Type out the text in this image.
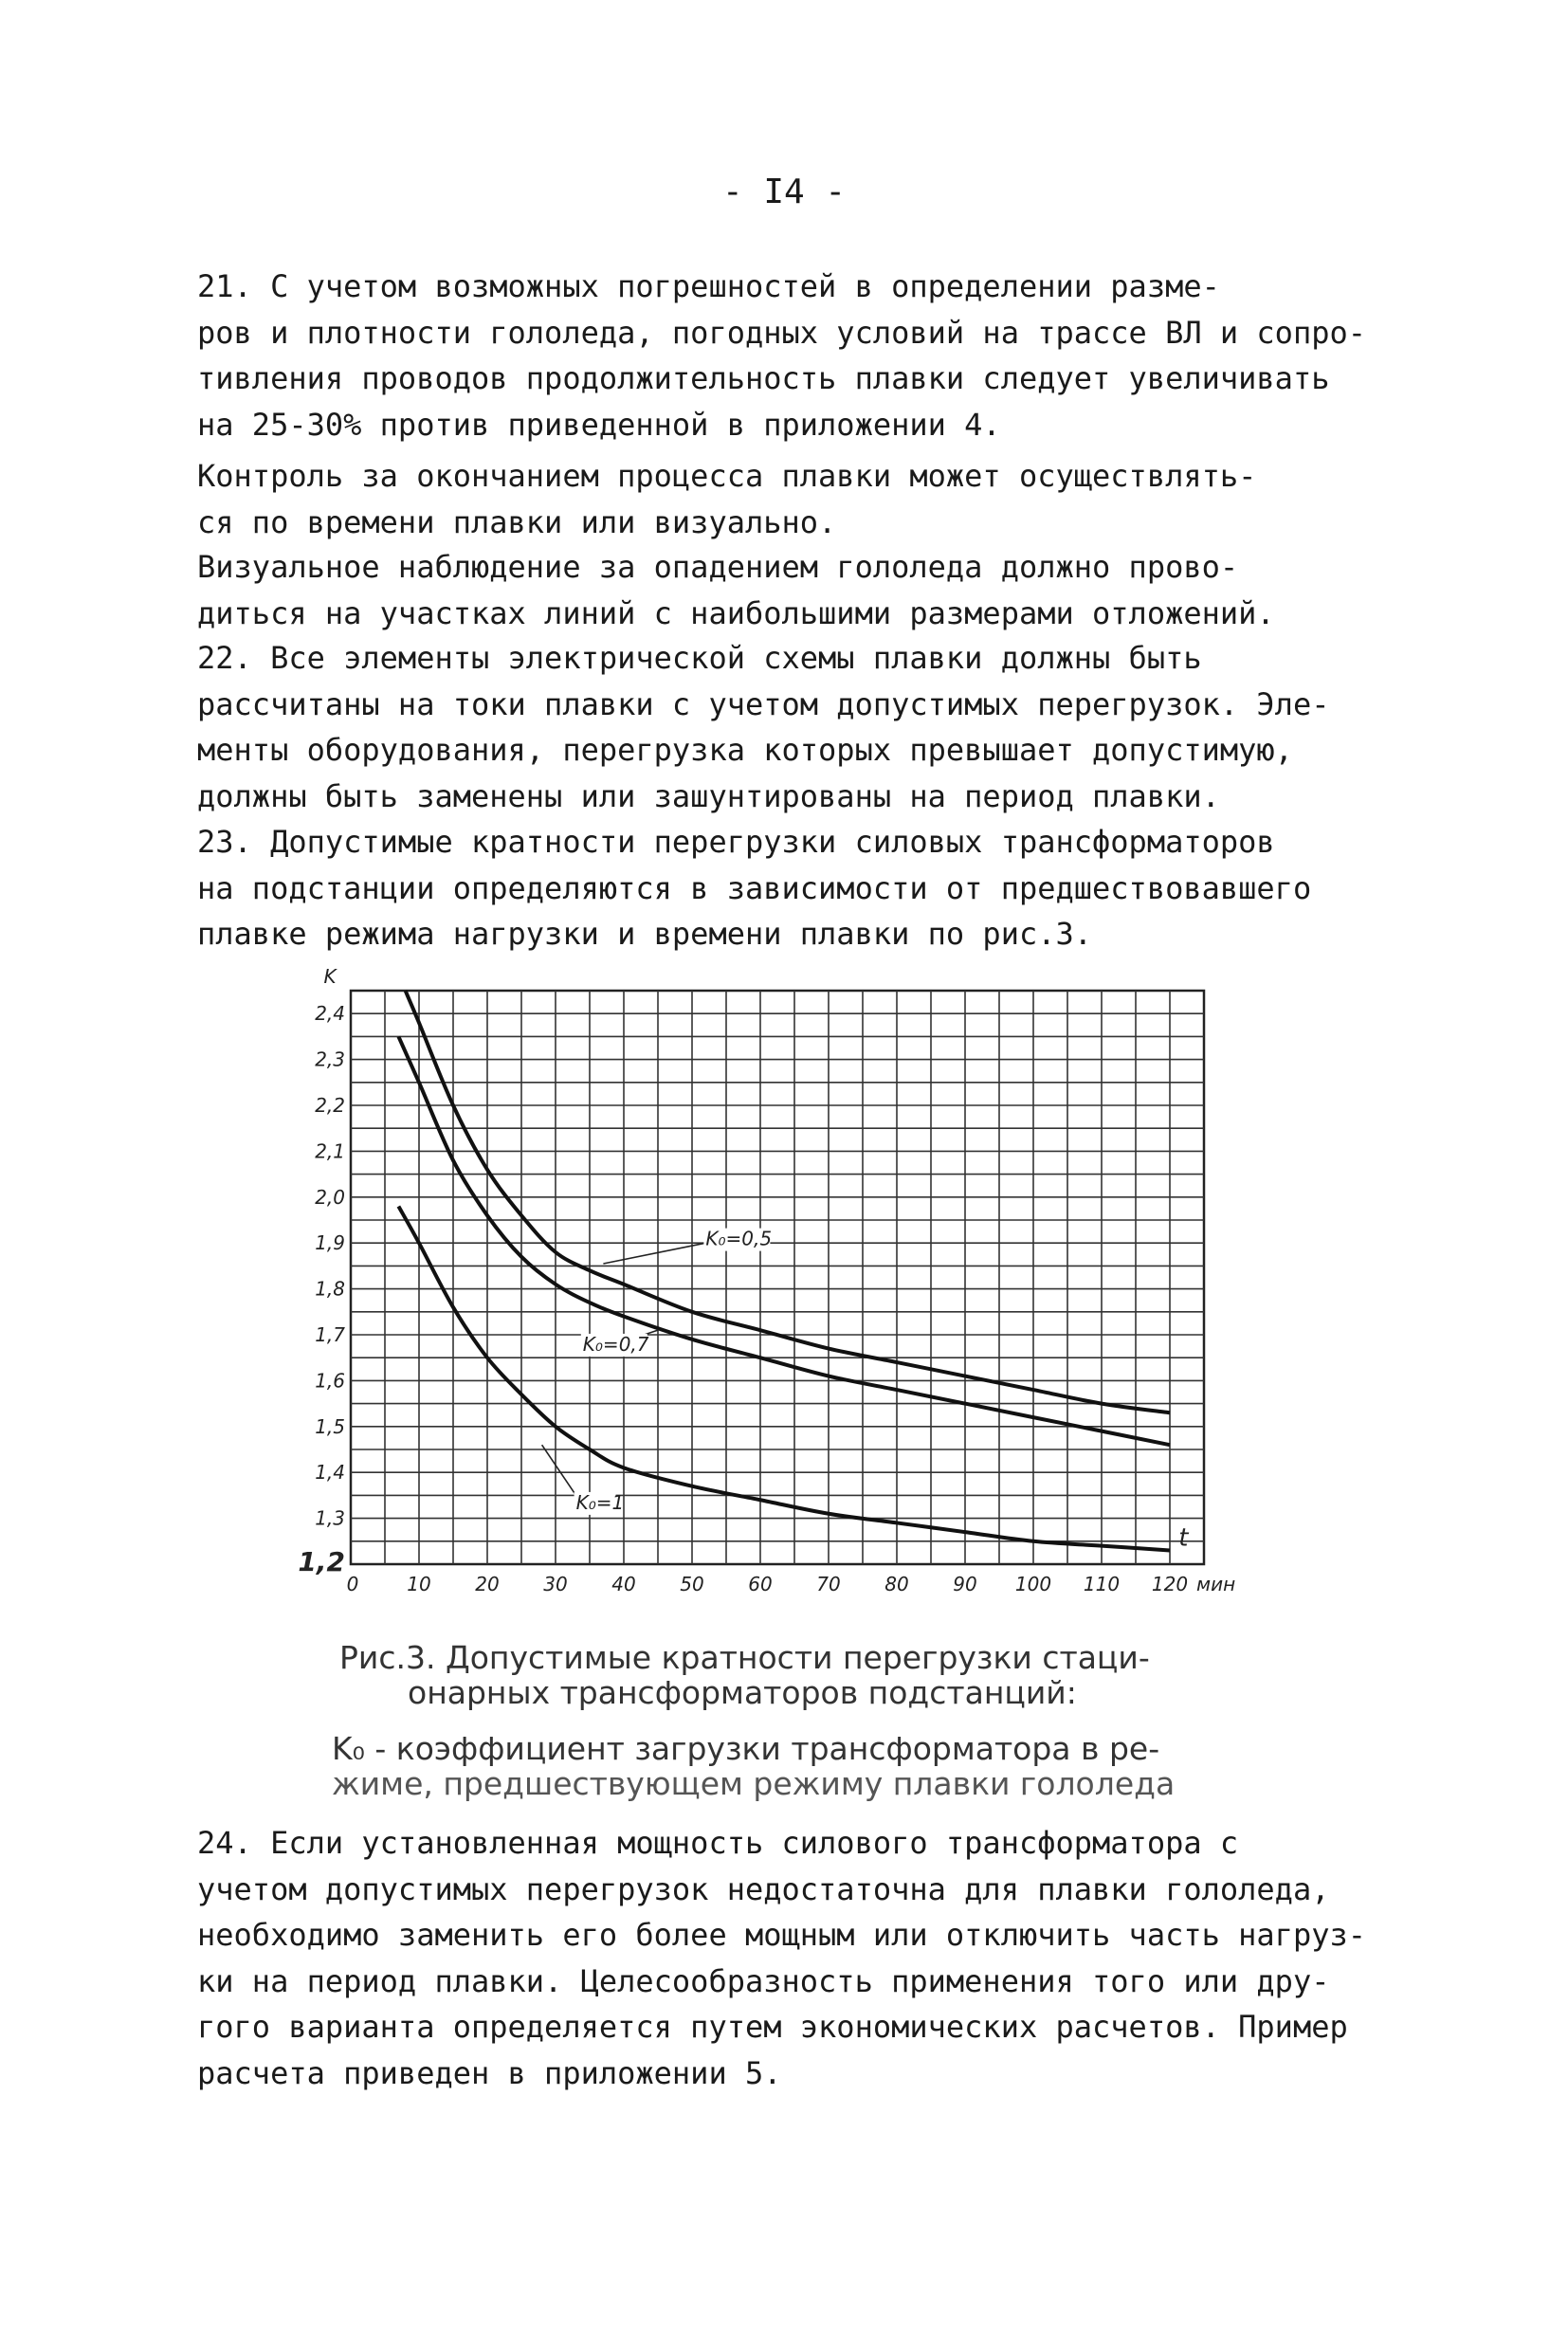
- I4 -
21. С учетом возможных погрешностей в определении разме-
ров и плотности гололеда, погодных условий на трассе ВЛ и сопро-
тивления проводов продолжительность плавки следует увеличивать
на 25-30% против приведенной в приложении 4.
Контроль за окончанием процесса плавки может осуществлять-
ся по времени плавки или визуально.
Визуальное наблюдение за опадением гололеда должно прово-
диться на участках линий с наибольшими размерами отложений.
22. Все элементы электрической схемы плавки должны быть
рассчитаны на токи плавки с учетом допустимых перегрузок. Эле-
менты оборудования, перегрузка которых превышает допустимую,
должны быть заменены или зашунтированы на период плавки.
23. Допустимые кратности перегрузки силовых трансформаторов
на подстанции определяются в зависимости от предшествовавшего
плавке режима нагрузки и времени плавки по рис.3.
0	10 20 30 40 50 60 70 80 90 100 110 120 мин
1,2
1,3
1,4
1,5
1,6
1,7
1,8
1,9
2,0
2,1
2,2
2,3
2,4
K
t
K₀=0,5
K₀=0,7
K₀=1
Рис.3. Допустимые кратности перегрузки стаци-
онарных трансформаторов подстанций:
K₀ - коэффициент загрузки трансформатора в ре-
жиме, предшествующем режиму плавки гололеда
24. Если установленная мощность силового трансформатора с
учетом допустимых перегрузок недостаточна для плавки гололеда,
необходимо заменить его более мощным или отключить часть нагруз-
ки на период плавки. Целесообразность применения того или дру-
гого варианта определяется путем экономических расчетов. Пример
расчета приведен в приложении 5.
